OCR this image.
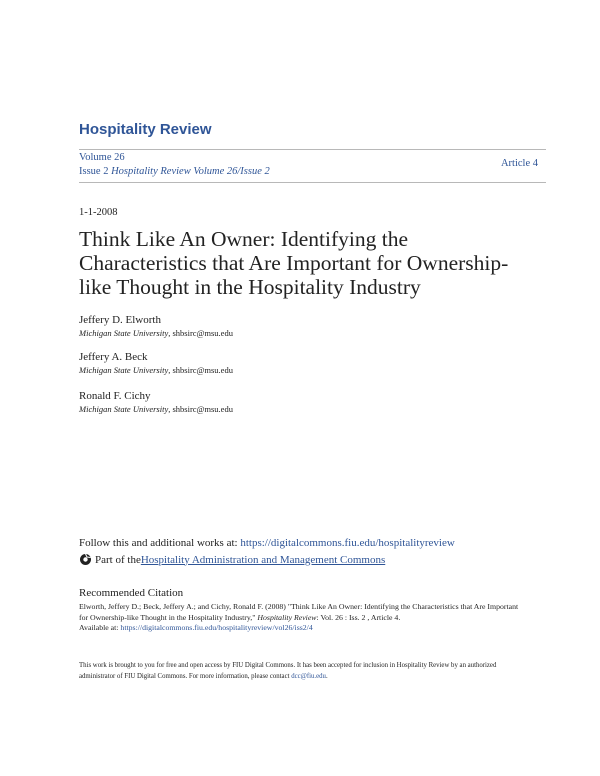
Hospitality Review
Volume 26
Issue 2 Hospitality Review Volume 26/Issue 2
Article 4
1-1-2008
Think Like An Owner: Identifying the Characteristics that Are Important for Ownership-like Thought in the Hospitality Industry
Jeffery D. Elworth
Michigan State University, shbsirc@msu.edu
Jeffery A. Beck
Michigan State University, shbsirc@msu.edu
Ronald F. Cichy
Michigan State University, shbsirc@msu.edu
Follow this and additional works at: https://digitalcommons.fiu.edu/hospitalityreview
Part of the Hospitality Administration and Management Commons
Recommended Citation
Elworth, Jeffery D.; Beck, Jeffery A.; and Cichy, Ronald F. (2008) "Think Like An Owner: Identifying the Characteristics that Are Important for Ownership-like Thought in the Hospitality Industry," Hospitality Review: Vol. 26 : Iss. 2 , Article 4.
Available at: https://digitalcommons.fiu.edu/hospitalityreview/vol26/iss2/4
This work is brought to you for free and open access by FIU Digital Commons. It has been accepted for inclusion in Hospitality Review by an authorized administrator of FIU Digital Commons. For more information, please contact dcc@fiu.edu.
